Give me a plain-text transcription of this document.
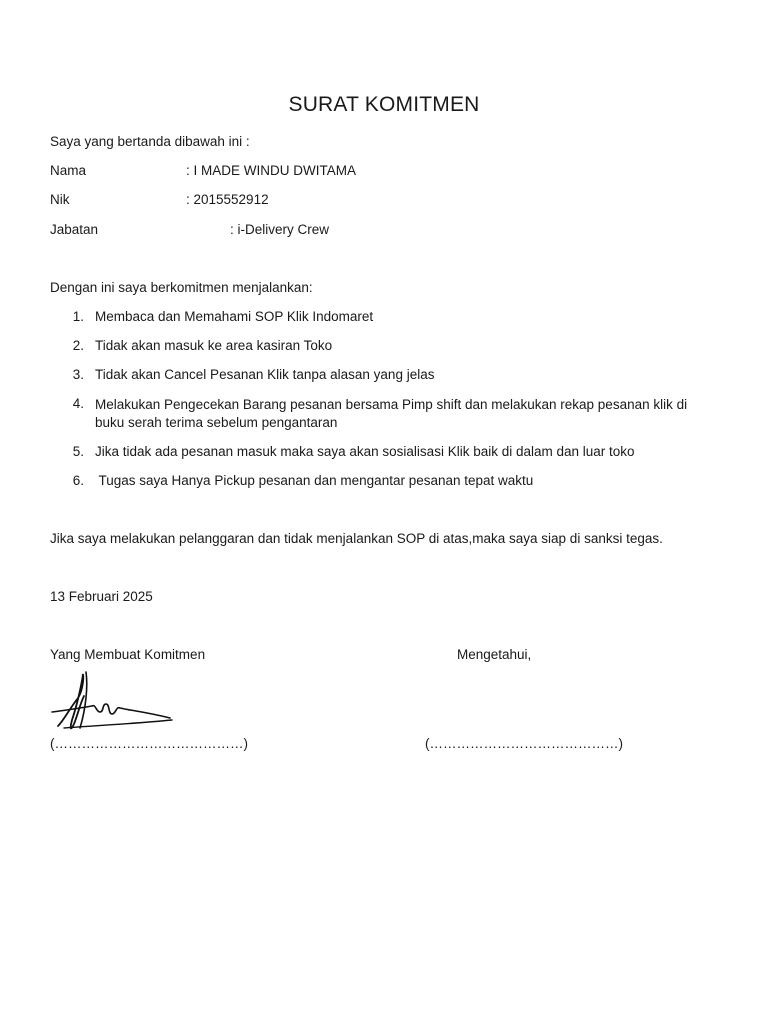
SURAT KOMITMEN
Saya yang bertanda dibawah ini :
Nama	: I MADE WINDU DWITAMA
Nik	: 2015552912
Jabatan	: i-Delivery Crew
Dengan ini saya berkomitmen menjalankan:
1. Membaca dan Memahami SOP Klik Indomaret
2. Tidak akan masuk ke area kasiran Toko
3. Tidak akan Cancel Pesanan Klik tanpa alasan yang jelas
4. Melakukan Pengecekan Barang pesanan bersama Pimp shift dan melakukan rekap pesanan klik di buku serah terima sebelum pengantaran
5. Jika tidak ada pesanan masuk maka saya akan sosialisasi Klik baik di dalam dan luar toko
6. Tugas saya Hanya Pickup pesanan dan mengantar pesanan tepat waktu
Jika saya melakukan pelanggaran dan tidak menjalankan SOP di atas,maka saya siap di sanksi tegas.
13 Februari 2025
Yang Membuat Komitmen	Mengetahui,
(……………………………………)	(……………………………………)
